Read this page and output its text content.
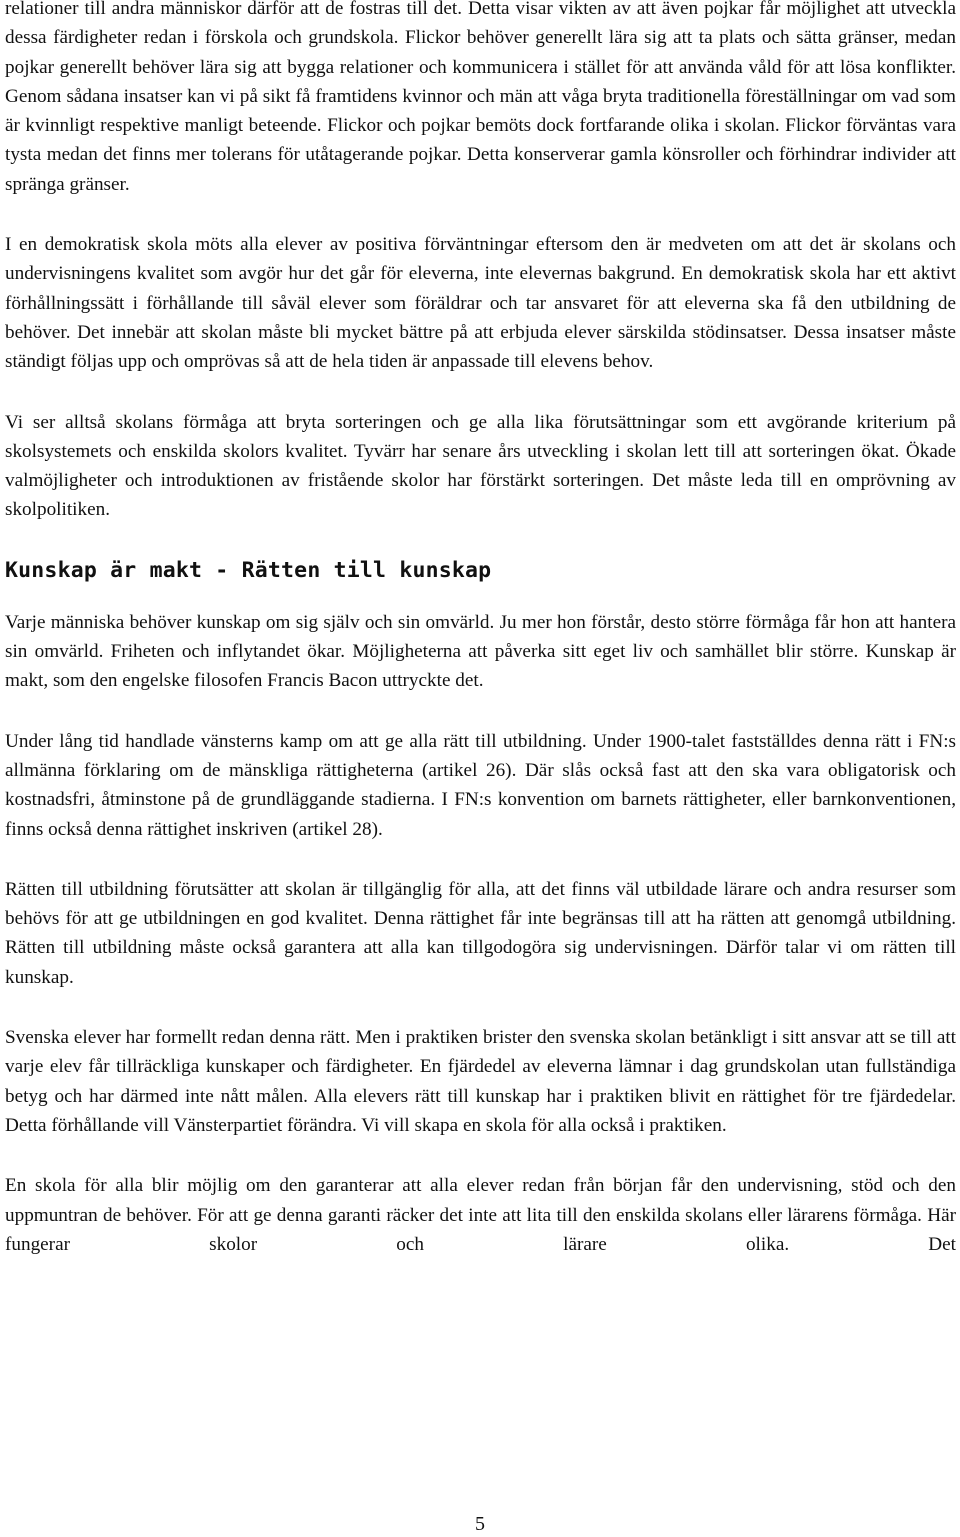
relationer till andra människor därför att de fostras till det. Detta visar vikten av att även pojkar får möjlighet att utveckla dessa färdigheter redan i förskola och grundskola. Flickor behöver generellt lära sig att ta plats och sätta gränser, medan pojkar generellt behöver lära sig att bygga relationer och kommunicera i stället för att använda våld för att lösa konflikter. Genom sådana insatser kan vi på sikt få framtidens kvinnor och män att våga bryta traditionella föreställningar om vad som är kvinnligt respektive manligt beteende. Flickor och pojkar bemöts dock fortfarande olika i skolan. Flickor förväntas vara tysta medan det finns mer tolerans för utåtagerande pojkar. Detta konserverar gamla könsroller och förhindrar individer att spränga gränser.

I en demokratisk skola möts alla elever av positiva förväntningar eftersom den är medveten om att det är skolans och undervisningens kvalitet som avgör hur det går för eleverna, inte elevernas bakgrund. En demokratisk skola har ett aktivt förhållningssätt i förhållande till såväl elever som föräldrar och tar ansvaret för att eleverna ska få den utbildning de behöver. Det innebär att skolan måste bli mycket bättre på att erbjuda elever särskilda stödinsatser. Dessa insatser måste ständigt följas upp och omprövas så att de hela tiden är anpassade till elevens behov.

Vi ser alltså skolans förmåga att bryta sorteringen och ge alla lika förutsättningar som ett avgörande kriterium på skolsystemets och enskilda skolors kvalitet. Tyvärr har senare års utveckling i skolan lett till att sorteringen ökat. Ökade valmöjligheter och introduktionen av fristående skolor har förstärkt sorteringen. Det måste leda till en omprövning av skolpolitiken.

Kunskap är makt - Rätten till kunskap

Varje människa behöver kunskap om sig själv och sin omvärld. Ju mer hon förstår, desto större förmåga får hon att hantera sin omvärld. Friheten och inflytandet ökar. Möjligheterna att påverka sitt eget liv och samhället blir större. Kunskap är makt, som den engelske filosofen Francis Bacon uttryckte det.

Under lång tid handlade vänsterns kamp om att ge alla rätt till utbildning. Under 1900-talet fastställdes denna rätt i FN:s allmänna förklaring om de mänskliga rättigheterna (artikel 26). Där slås också fast att den ska vara obligatorisk och kostnadsfri, åtminstone på de grundläggande stadierna. I FN:s konvention om barnets rättigheter, eller barnkonventionen, finns också denna rättighet inskriven (artikel 28).

Rätten till utbildning förutsätter att skolan är tillgänglig för alla, att det finns väl utbildade lärare och andra resurser som behövs för att ge utbildningen en god kvalitet. Denna rättighet får inte begränsas till att ha rätten att genomgå utbildning. Rätten till utbildning måste också garantera att alla kan tillgodogöra sig undervisningen. Därför talar vi om rätten till kunskap.

Svenska elever har formellt redan denna rätt. Men i praktiken brister den svenska skolan betänkligt i sitt ansvar att se till att varje elev får tillräckliga kunskaper och färdigheter. En fjärdedel av eleverna lämnar i dag grundskolan utan fullständiga betyg och har därmed inte nått målen. Alla elevers rätt till kunskap har i praktiken blivit en rättighet för tre fjärdedelar. Detta förhållande vill Vänsterpartiet förändra. Vi vill skapa en skola för alla också i praktiken.

En skola för alla blir möjlig om den garanterar att alla elever redan från början får den undervisning, stöd och den uppmuntran de behöver. För att ge denna garanti räcker det inte att lita till den enskilda skolans eller lärarens förmåga. Här fungerar skolor och lärare olika. Det

5
